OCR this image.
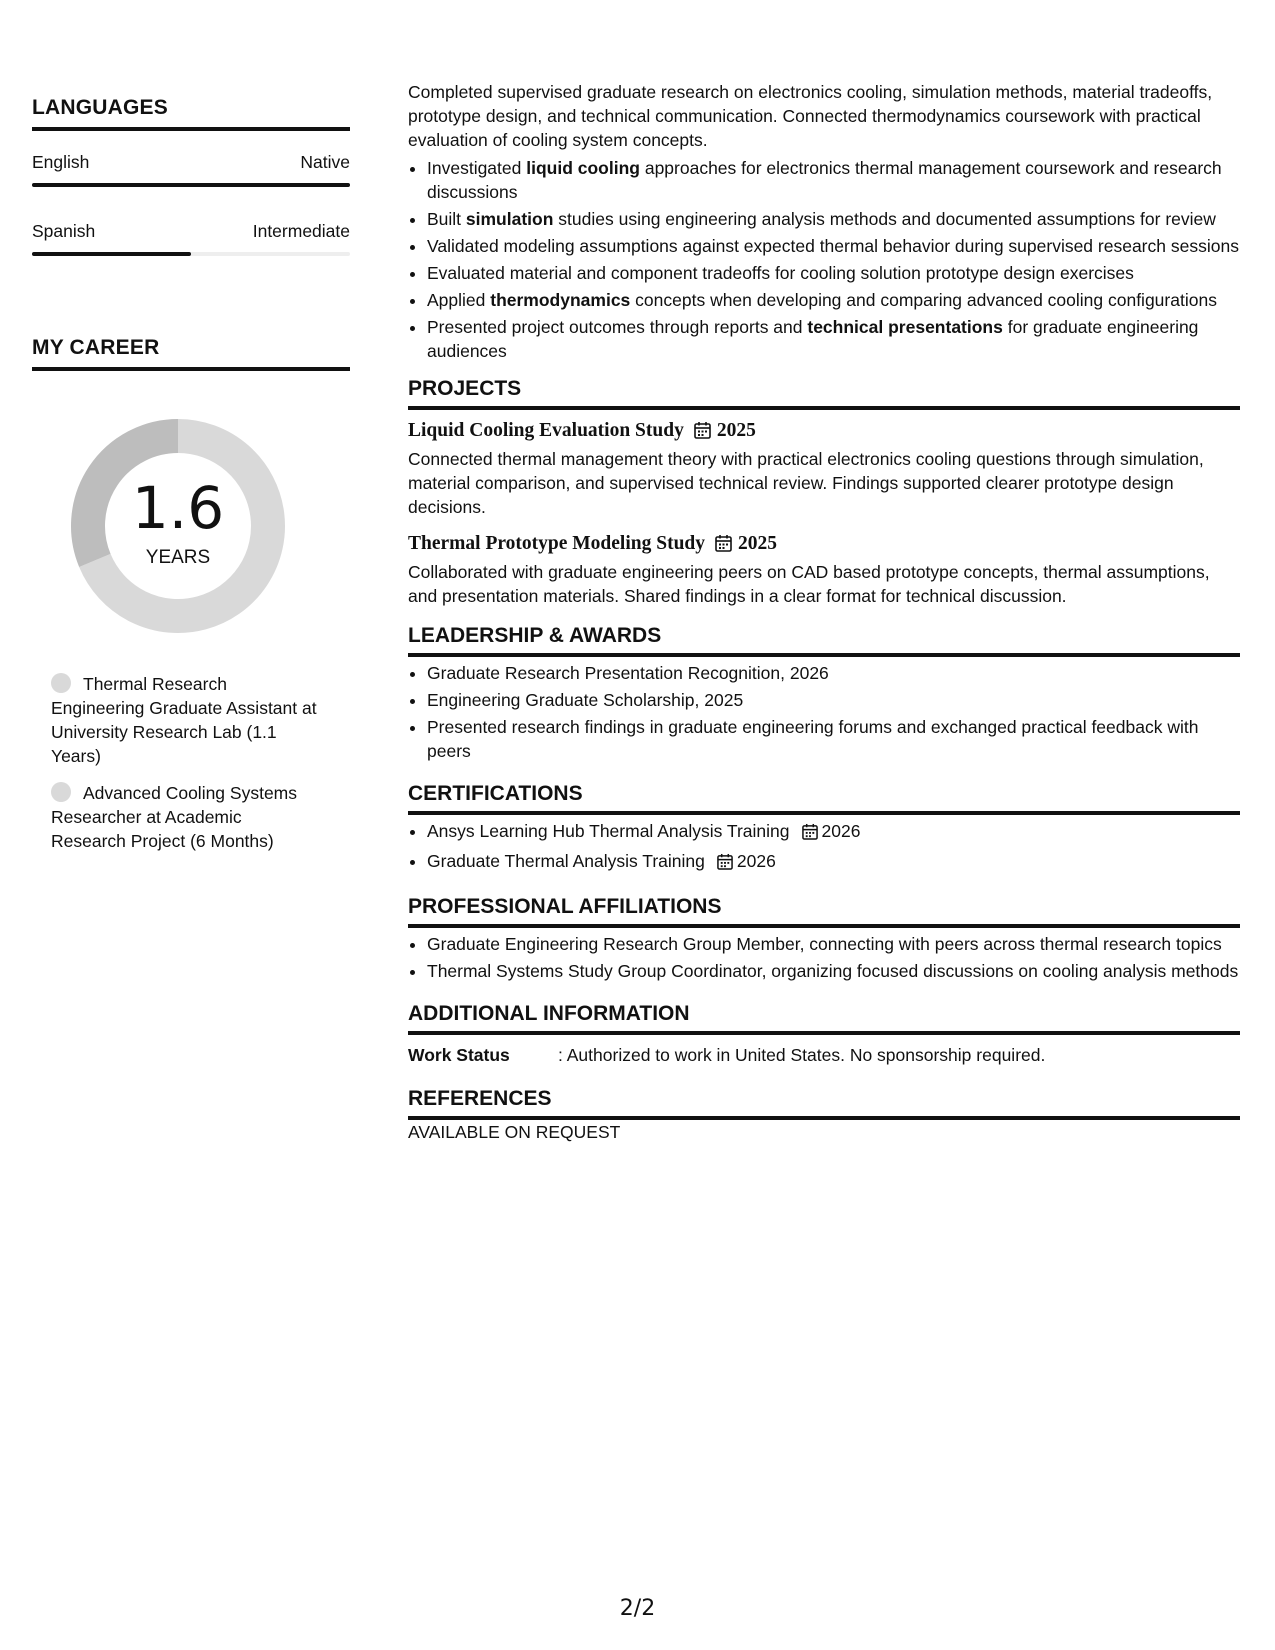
LANGUAGES
English	Native
Spanish	Intermediate
MY CAREER
1.6
YEARS
Thermal Research Engineering Graduate Assistant at University Research Lab (1.1 Years)
Advanced Cooling Systems Researcher at Academic Research Project (6 Months)

Completed supervised graduate research on electronics cooling, simulation methods, material tradeoffs, prototype design, and technical communication. Connected thermodynamics coursework with practical evaluation of cooling system concepts.

• Investigated liquid cooling approaches for electronics thermal management coursework and research discussions
• Built simulation studies using engineering analysis methods and documented assumptions for review
• Validated modeling assumptions against expected thermal behavior during supervised research sessions
• Evaluated material and component tradeoffs for cooling solution prototype design exercises
• Applied thermodynamics concepts when developing and comparing advanced cooling configurations
• Presented project outcomes through reports and technical presentations for graduate engineering audiences
PROJECTS
Liquid Cooling Evaluation Study 2025

Connected thermal management theory with practical electronics cooling questions through simulation, material comparison, and supervised technical review. Findings supported clearer prototype design decisions.

Thermal Prototype Modeling Study 2025

Collaborated with graduate engineering peers on CAD based prototype concepts, thermal assumptions, and presentation materials. Shared findings in a clear format for technical discussion.

LEADERSHIP & AWARDS
• Graduate Research Presentation Recognition, 2026
• Engineering Graduate Scholarship, 2025
• Presented research findings in graduate engineering forums and exchanged practical feedback with peers
CERTIFICATIONS
• Ansys Learning Hub Thermal Analysis Training 2026
• Graduate Thermal Analysis Training 2026
PROFESSIONAL AFFILIATIONS
• Graduate Engineering Research Group Member, connecting with peers across thermal research topics
• Thermal Systems Study Group Coordinator, organizing focused discussions on cooling analysis methods
ADDITIONAL INFORMATION
Work Status	: Authorized to work in United States. No sponsorship required.
REFERENCES

AVAILABLE ON REQUEST

2/2
